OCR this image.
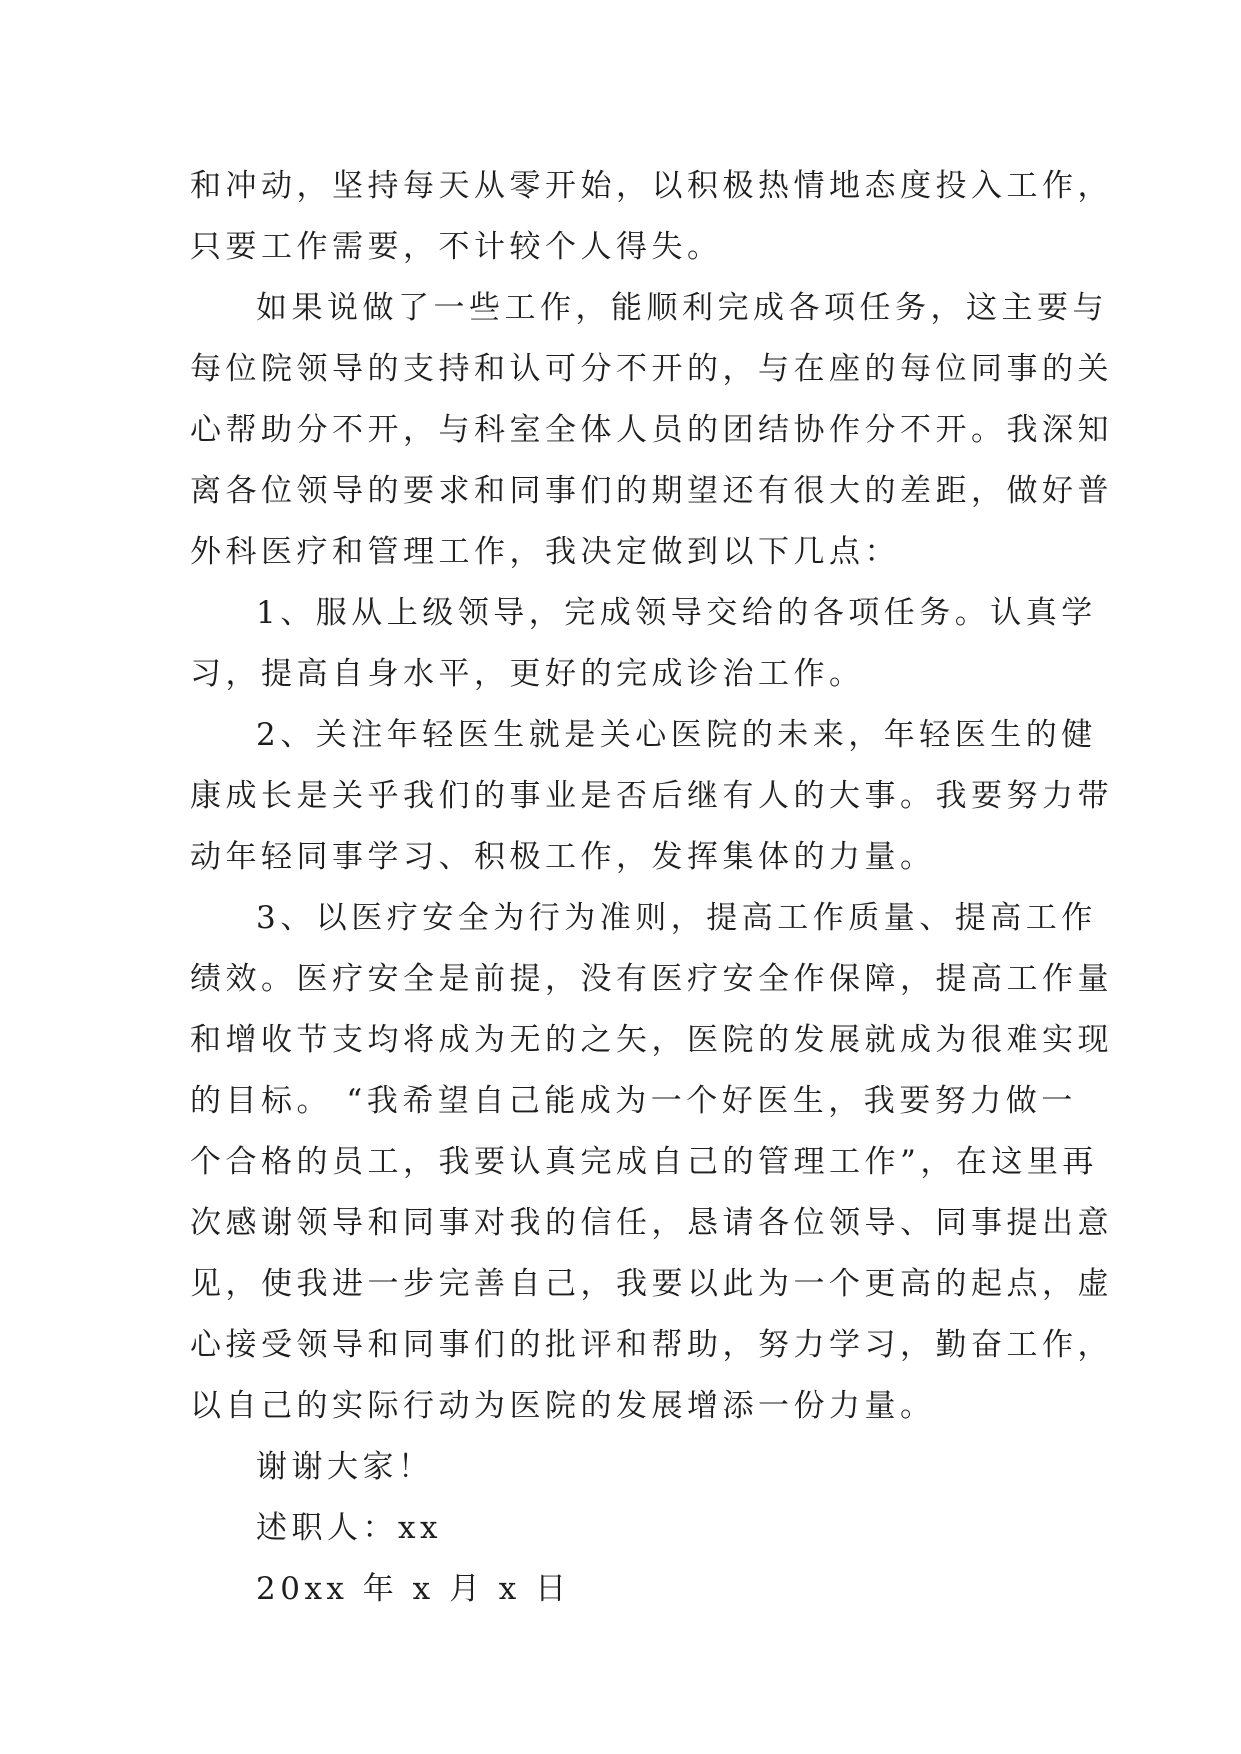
和冲动，坚持每天从零开始，以积极热情地态度投入工作，
只要工作需要，不计较个人得失。
如果说做了一些工作，能顺利完成各项任务，这主要与
每位院领导的支持和认可分不开的，与在座的每位同事的关
心帮助分不开，与科室全体人员的团结协作分不开。我深知
离各位领导的要求和同事们的期望还有很大的差距，做好普
外科医疗和管理工作，我决定做到以下几点：
1、服从上级领导，完成领导交给的各项任务。认真学
习，提高自身水平，更好的完成诊治工作。
2、关注年轻医生就是关心医院的未来，年轻医生的健
康成长是关乎我们的事业是否后继有人的大事。我要努力带
动年轻同事学习、积极工作，发挥集体的力量。
3、以医疗安全为行为准则，提高工作质量、提高工作
绩效。医疗安全是前提，没有医疗安全作保障，提高工作量
和增收节支均将成为无的之矢，医院的发展就成为很难实现
的目标。 “我希望自己能成为一个好医生，我要努力做一
个合格的员工，我要认真完成自己的管理工作”，在这里再
次感谢领导和同事对我的信任，恳请各位领导、同事提出意
见，使我进一步完善自己，我要以此为一个更高的起点，虚
心接受领导和同事们的批评和帮助，努力学习，勤奋工作，
以自己的实际行动为医院的发展增添一份力量。
谢谢大家！
述职人：xx
20xx 年 x 月 x 日
